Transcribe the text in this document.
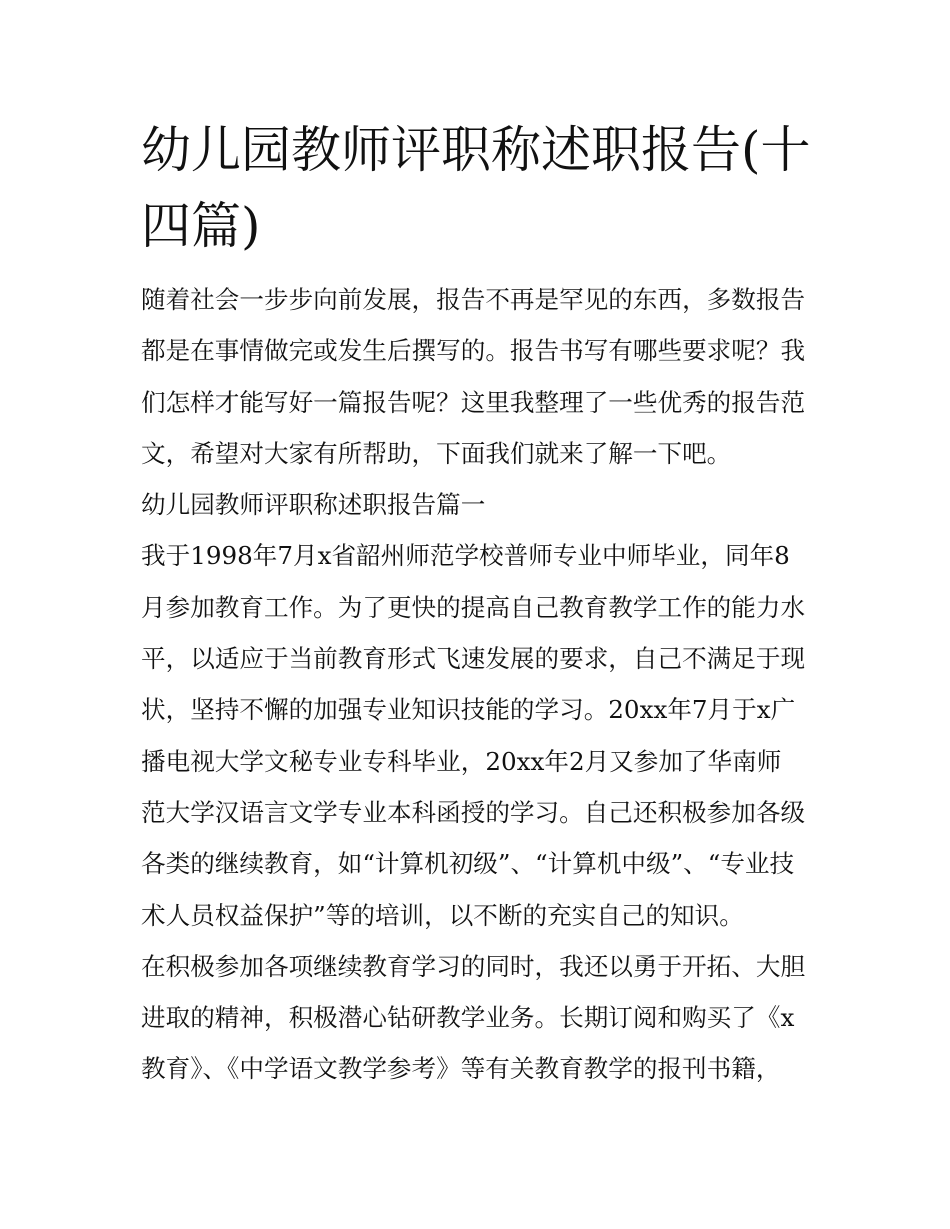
幼儿园教师评职称述职报告(十
四篇)
随着社会一步步向前发展，报告不再是罕见的东西，多数报告
都是在事情做完或发生后撰写的。报告书写有哪些要求呢？我
们怎样才能写好一篇报告呢？这里我整理了一些优秀的报告范
文，希望对大家有所帮助，下面我们就来了解一下吧。
幼儿园教师评职称述职报告篇一
我于1998年7月x省韶州师范学校普师专业中师毕业，同年8
月参加教育工作。为了更快的提高自己教育教学工作的能力水
平，以适应于当前教育形式飞速发展的要求，自己不满足于现
状，坚持不懈的加强专业知识技能的学习。20xx年7月于x广
播电视大学文秘专业专科毕业，20xx年2月又参加了华南师
范大学汉语言文学专业本科函授的学习。自己还积极参加各级
各类的继续教育，如“计算机初级”、“计算机中级”、“专业技
术人员权益保护”等的培训，以不断的充实自己的知识。
在积极参加各项继续教育学习的同时，我还以勇于开拓、大胆
进取的精神，积极潜心钻研教学业务。长期订阅和购买了《x
教育》、《中学语文教学参考》等有关教育教学的报刊书籍，
